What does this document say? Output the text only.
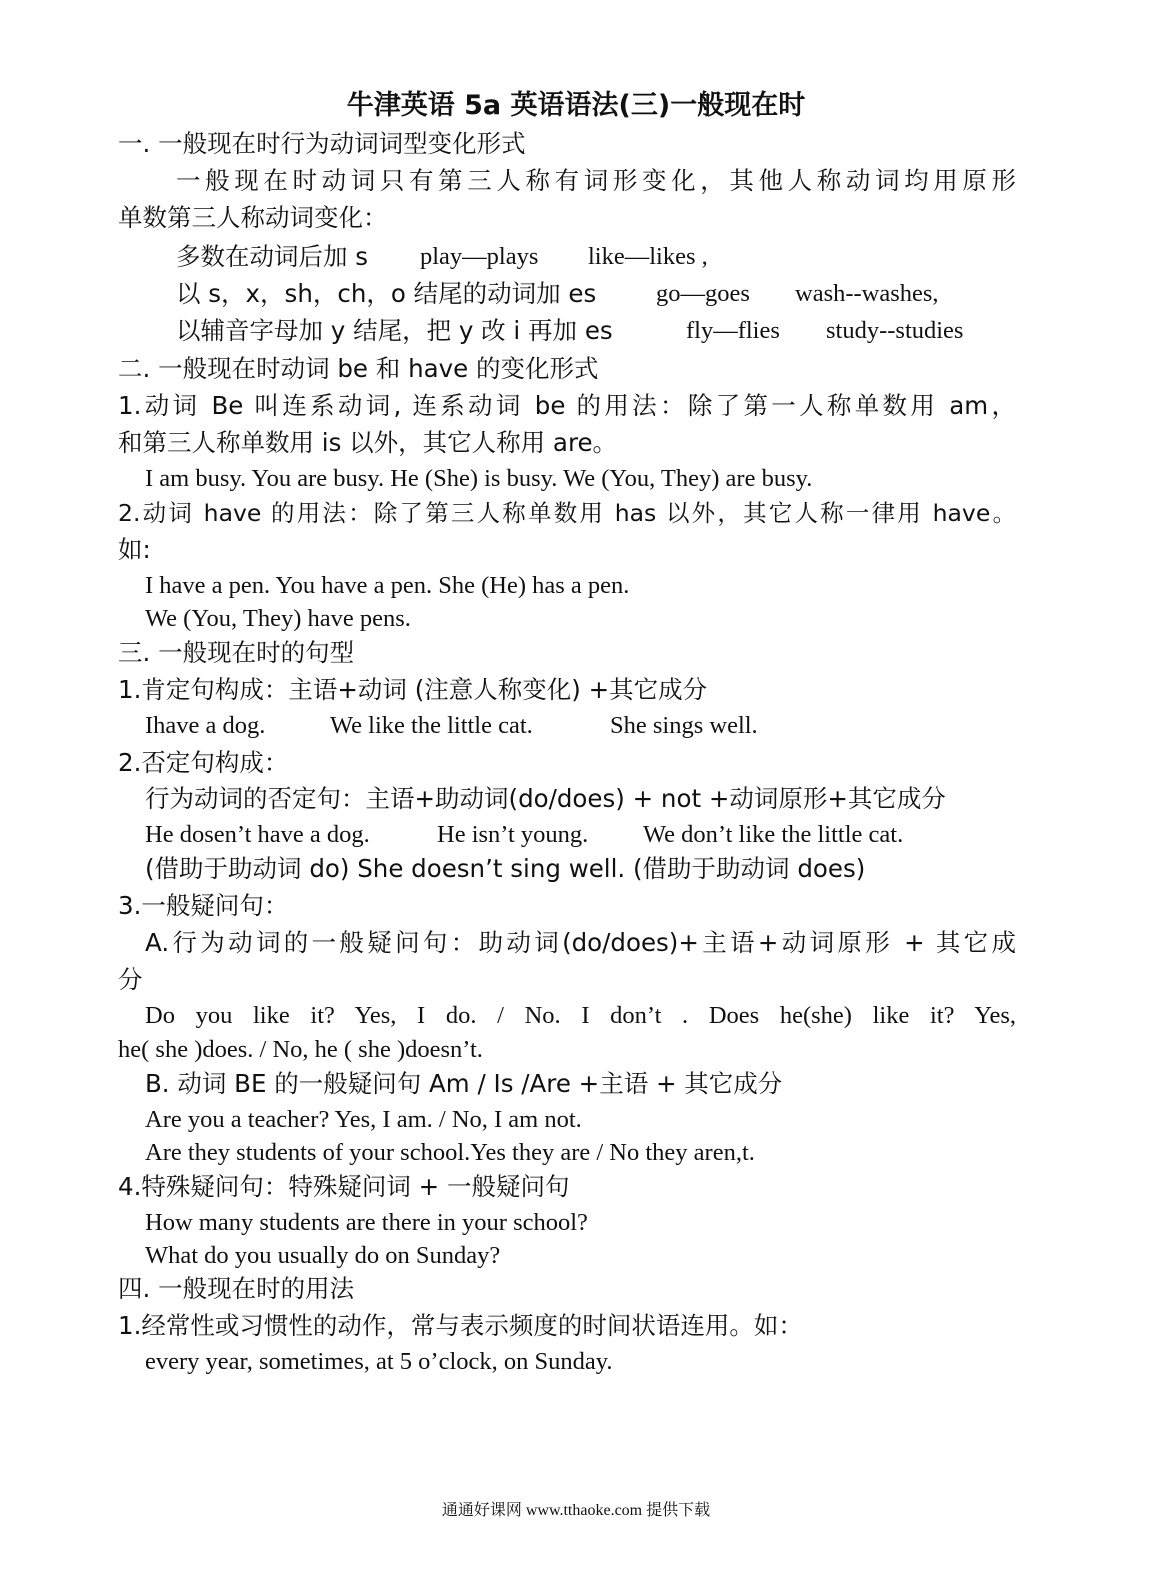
牛津英语 5a 英语语法(三)一般现在时
一. 一般现在时行为动词词型变化形式
一般现在时动词只有第三人称有词形变化，其他人称动词均用原形
单数第三人称动词变化：
多数在动词后加 s play—plays like—likes ,
以 s，x，sh，ch，o 结尾的动词加 es go—goes wash--washes,
以辅音字母加 y 结尾，把 y 改 i 再加 es	fly—flies study--studies
二. 一般现在时动词 be 和 have 的变化形式
1.动词 Be 叫连系动词, 连系动词 be 的用法：除了第一人称单数用 am，
和第三人称单数用 is 以外，其它人称用 are。
I am busy. You are busy. He (She) is busy. We (You, They) are busy.
2.动词 have 的用法：除了第三人称单数用 has 以外，其它人称一律用 have。
如:
I have a pen. You have a pen. She (He) has a pen.
We (You, They) have pens.
三. 一般现在时的句型
1.肯定句构成：主语+动词 (注意人称变化) +其它成分
Ihave a dog.	We like the little cat.	She sings well.
2.否定句构成：
行为动词的否定句：主语+助动词(do/does) + not +动词原形+其它成分
He dosen’t have a dog.	He isn’t young. We don’t like the little cat.
(借助于助动词 do) She doesn’t sing well. (借助于助动词 does)
3.一般疑问句：
A.行为动词的一般疑问句：助动词(do/does)+主语+动词原形 + 其它成
分
Do you like it? Yes, I do. / No. I don’t . Does he(she) like it? Yes,
he( she )does. / No, he ( she )doesn’t.
B. 动词 BE 的一般疑问句 Am / Is /Are +主语 + 其它成分
Are you a teacher? Yes, I am. / No, I am not.
Are they students of your school.Yes they are / No they aren,t.
4.特殊疑问句：特殊疑问词 + 一般疑问句
How many students are there in your school?
What do you usually do on Sunday?
四. 一般现在时的用法
1.经常性或习惯性的动作，常与表示频度的时间状语连用。如：
every year, sometimes, at 5 o’clock, on Sunday.
通通好课网 www.tthaoke.com 提供下载
